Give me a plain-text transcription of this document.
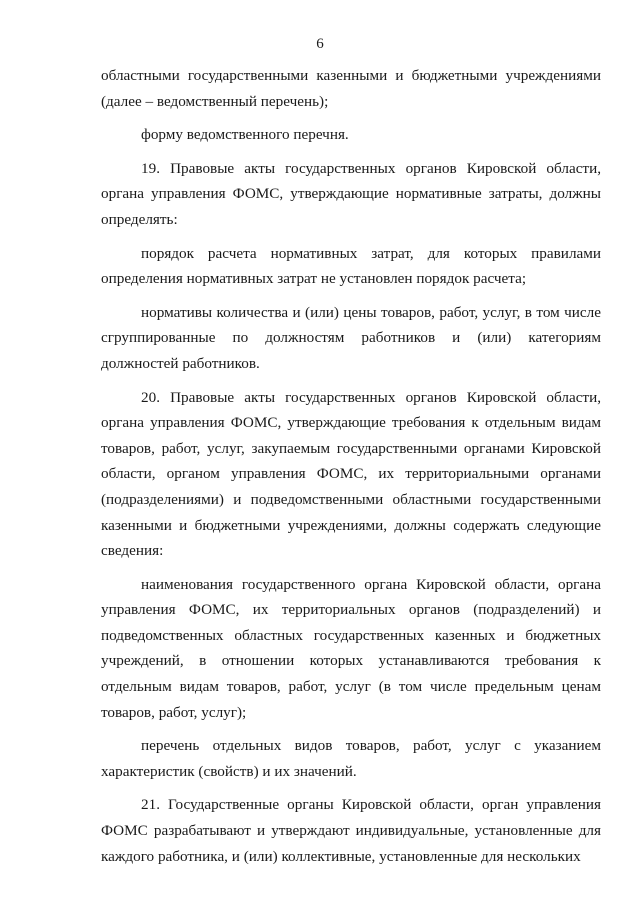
6

областными государственными казенными и бюджетными учреждениями (далее – ведомственный перечень);

форму ведомственного перечня.

19. Правовые акты государственных органов Кировской области, органа управления ФОМС, утверждающие нормативные затраты, должны определять:

порядок расчета нормативных затрат, для которых правилами определения нормативных затрат не установлен порядок расчета;

нормативы количества и (или) цены товаров, работ, услуг, в том числе сгруппированные по должностям работников и (или) категориям должностей работников.

20. Правовые акты государственных органов Кировской области, органа управления ФОМС, утверждающие требования к отдельным видам товаров, работ, услуг, закупаемым государственными органами Кировской области, органом управления ФОМС, их территориальными органами (подразделениями) и подведомственными областными государственными казенными и бюджетными учреждениями, должны содержать следующие сведения:

наименования государственного органа Кировской области, органа управления ФОМС, их территориальных органов (подразделений) и подведомственных областных государственных казенных и бюджетных учреждений, в отношении которых устанавливаются требования к отдельным видам товаров, работ, услуг (в том числе предельным ценам товаров, работ, услуг);

перечень отдельных видов товаров, работ, услуг с указанием характеристик (свойств) и их значений.

21. Государственные органы Кировской области, орган управления ФОМС разрабатывают и утверждают индивидуальные, установленные для каждого работника, и (или) коллективные, установленные для нескольких
